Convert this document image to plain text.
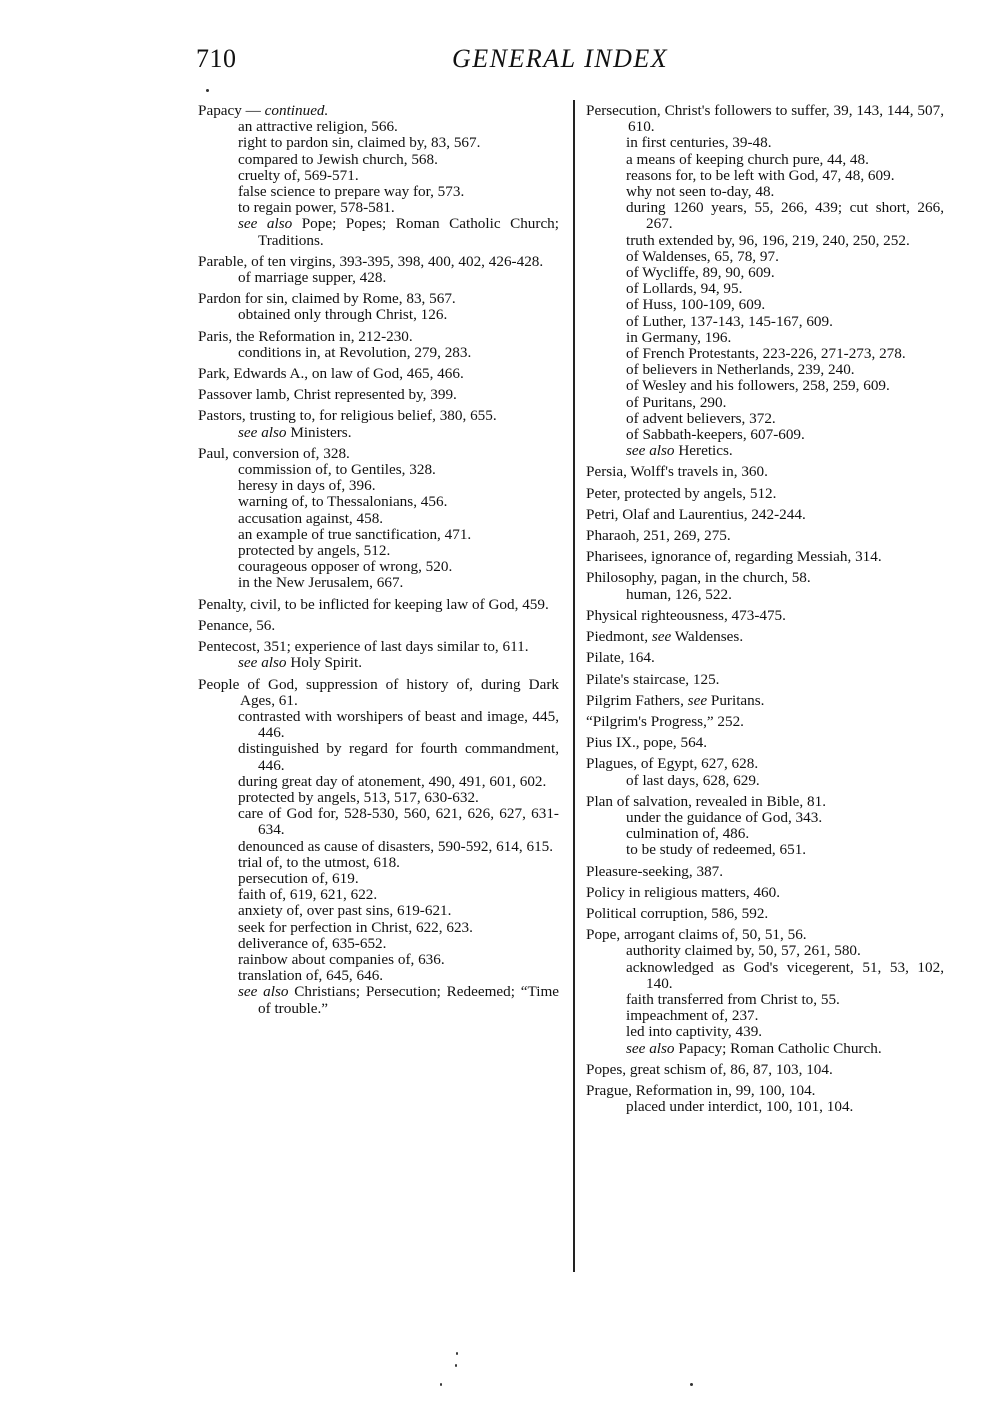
710	GENERAL INDEX
Papacy — continued.
an attractive religion, 566.
right to pardon sin, claimed by, 83, 567.
compared to Jewish church, 568.
cruelty of, 569-571.
false science to prepare way for, 573.
to regain power, 578-581.
see also Pope; Popes; Roman Catholic Church; Traditions.
Parable, of ten virgins, 393-395, 398, 400, 402, 426-428.
of marriage supper, 428.
Pardon for sin, claimed by Rome, 83, 567.
obtained only through Christ, 126.
Paris, the Reformation in, 212-230.
conditions in, at Revolution, 279, 283.
Park, Edwards A., on law of God, 465, 466.
Passover lamb, Christ represented by, 399.
Pastors, trusting to, for religious belief, 380, 655.
see also Ministers.
Paul, conversion of, 328.
commission of, to Gentiles, 328.
heresy in days of, 396.
warning of, to Thessalonians, 456.
accusation against, 458.
an example of true sanctification, 471.
protected by angels, 512.
courageous opposer of wrong, 520.
in the New Jerusalem, 667.
Penalty, civil, to be inflicted for keeping law of God, 459.
Penance, 56.
Pentecost, 351; experience of last days similar to, 611.
see also Holy Spirit.
People of God, suppression of history of, during Dark Ages, 61.
contrasted with worshipers of beast and image, 445, 446.
distinguished by regard for fourth commandment, 446.
during great day of atonement, 490, 491, 601, 602.
protected by angels, 513, 517, 630-632.
care of God for, 528-530, 560, 621, 626, 627, 631-634.
denounced as cause of disasters, 590-592, 614, 615.
trial of, to the utmost, 618.
persecution of, 619.
faith of, 619, 621, 622.
anxiety of, over past sins, 619-621.
seek for perfection in Christ, 622, 623.
deliverance of, 635-652.
rainbow about companies of, 636.
translation of, 645, 646.
see also Christians; Persecution; Redeemed; “Time of trouble.”
Persecution, Christ's followers to suffer, 39, 143, 144, 507, 610.
in first centuries, 39-48.
a means of keeping church pure, 44, 48.
reasons for, to be left with God, 47, 48, 609.
why not seen to-day, 48.
during 1260 years, 55, 266, 439; cut short, 266, 267.
truth extended by, 96, 196, 219, 240, 250, 252.
of Waldenses, 65, 78, 97.
of Wycliffe, 89, 90, 609.
of Lollards, 94, 95.
of Huss, 100-109, 609.
of Luther, 137-143, 145-167, 609.
in Germany, 196.
of French Protestants, 223-226, 271-273, 278.
of believers in Netherlands, 239, 240.
of Wesley and his followers, 258, 259, 609.
of Puritans, 290.
of advent believers, 372.
of Sabbath-keepers, 607-609.
see also Heretics.
Persia, Wolff's travels in, 360.
Peter, protected by angels, 512.
Petri, Olaf and Laurentius, 242-244.
Pharaoh, 251, 269, 275.
Pharisees, ignorance of, regarding Messiah, 314.
Philosophy, pagan, in the church, 58.
human, 126, 522.
Physical righteousness, 473-475.
Piedmont, see Waldenses.
Pilate, 164.
Pilate's staircase, 125.
Pilgrim Fathers, see Puritans.
“Pilgrim's Progress,” 252.
Pius IX., pope, 564.
Plagues, of Egypt, 627, 628.
of last days, 628, 629.
Plan of salvation, revealed in Bible, 81.
under the guidance of God, 343.
culmination of, 486.
to be study of redeemed, 651.
Pleasure-seeking, 387.
Policy in religious matters, 460.
Political corruption, 586, 592.
Pope, arrogant claims of, 50, 51, 56.
authority claimed by, 50, 57, 261, 580.
acknowledged as God's vicegerent, 51, 53, 102, 140.
faith transferred from Christ to, 55.
impeachment of, 237.
led into captivity, 439.
see also Papacy; Roman Catholic Church.
Popes, great schism of, 86, 87, 103, 104.
Prague, Reformation in, 99, 100, 104.
placed under interdict, 100, 101, 104.
